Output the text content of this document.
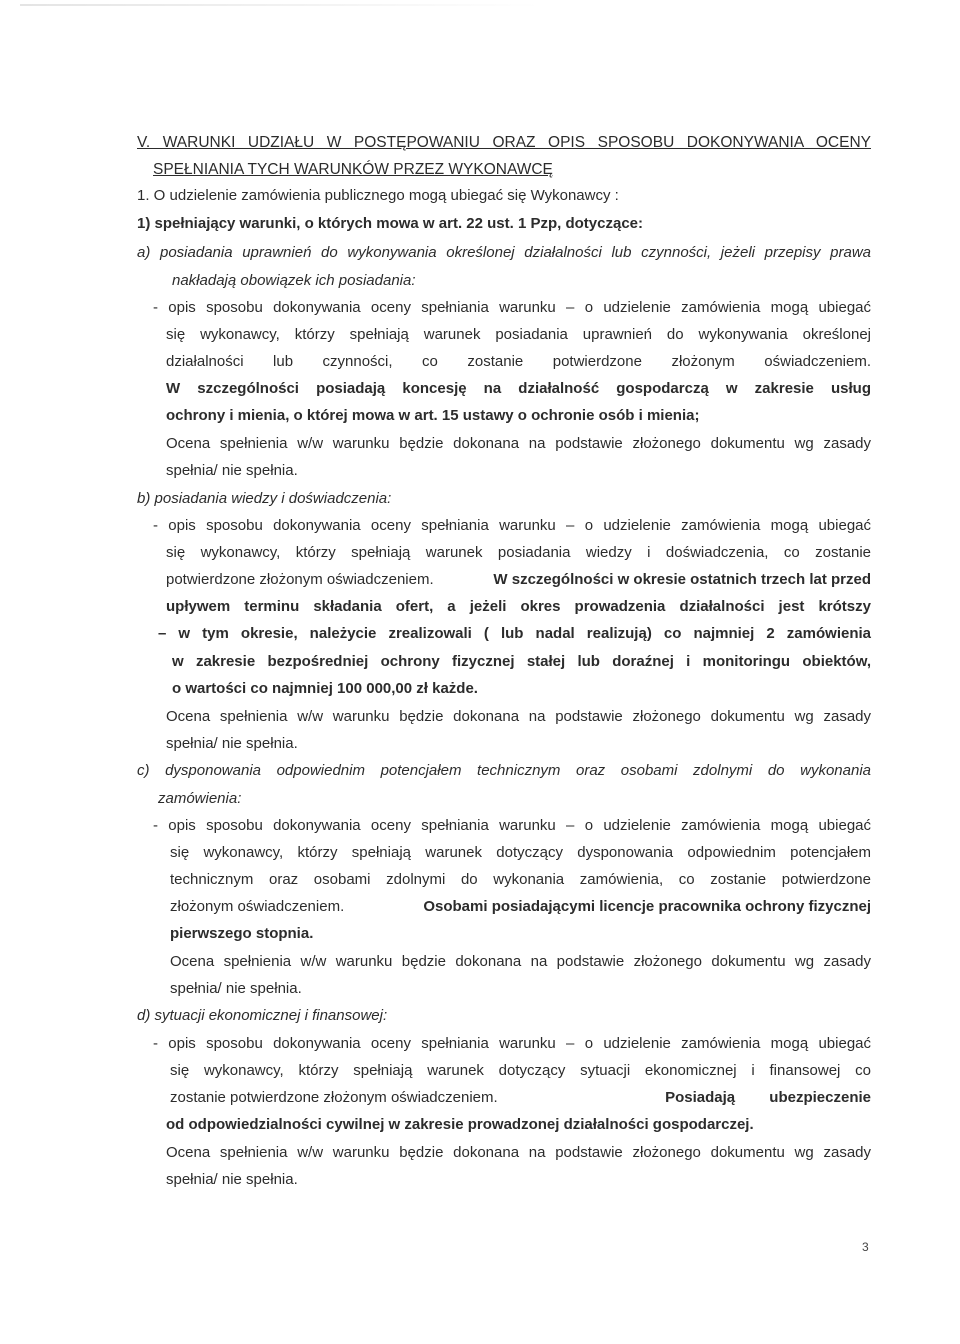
V. WARUNKI UDZIAŁU W POSTĘPOWANIU ORAZ OPIS SPOSOBU DOKONYWANIA OCENY

SPEŁNIANIA TYCH WARUNKÓW PRZEZ WYKONAWCĘ

1. O udzielenie zamówienia publicznego mogą ubiegać się Wykonawcy :

1) spełniający warunki, o których mowa w art. 22 ust. 1 Pzp, dotyczące:

a) posiadania uprawnień do wykonywania określonej działalności lub czynności, jeżeli przepisy prawa

nakładają obowiązek ich posiadania:

- opis sposobu dokonywania oceny spełniania warunku – o udzielenie zamówienia mogą ubiegać

się wykonawcy, którzy spełniają warunek posiadania uprawnień do wykonywania określonej

działalności lub czynności, co zostanie potwierdzone złożonym oświadczeniem.

W szczególności posiadają koncesję na działalność gospodarczą w zakresie usług

ochrony i mienia, o której mowa w art. 15 ustawy o ochronie osób i mienia;

Ocena spełnienia w/w warunku będzie dokonana na podstawie złożonego dokumentu wg zasady

spełnia/ nie spełnia.

b) posiadania wiedzy i doświadczenia:

- opis sposobu dokonywania oceny spełniania warunku – o udzielenie zamówienia mogą ubiegać

się wykonawcy, którzy spełniają warunek posiadania wiedzy i doświadczenia, co zostanie

potwierdzone złożonym oświadczeniem.	W szczególności w okresie ostatnich trzech lat przed

upływem terminu składania ofert, a jeżeli okres prowadzenia działalności jest krótszy

– w tym okresie, należycie zrealizowali ( lub nadal realizują) co najmniej 2 zamówienia

w zakresie bezpośredniej ochrony fizycznej stałej lub doraźnej i monitoringu obiektów,

o wartości co najmniej 100 000,00 zł każde.

Ocena spełnienia w/w warunku będzie dokonana na podstawie złożonego dokumentu wg zasady

spełnia/ nie spełnia.

c) dysponowania odpowiednim potencjałem technicznym oraz osobami zdolnymi do wykonania

zamówienia:

- opis sposobu dokonywania oceny spełniania warunku – o udzielenie zamówienia mogą ubiegać

się wykonawcy, którzy spełniają warunek dotyczący dysponowania odpowiednim potencjałem

technicznym oraz osobami zdolnymi do wykonania zamówienia, co zostanie potwierdzone

złożonym oświadczeniem.	Osobami posiadającymi licencje pracownika ochrony fizycznej

pierwszego stopnia.

Ocena spełnienia w/w warunku będzie dokonana na podstawie złożonego dokumentu wg zasady

spełnia/ nie spełnia.

d) sytuacji ekonomicznej i finansowej:

- opis sposobu dokonywania oceny spełniania warunku – o udzielenie zamówienia mogą ubiegać

się wykonawcy, którzy spełniają warunek dotyczący sytuacji ekonomicznej i finansowej co

zostanie potwierdzone złożonym oświadczeniem.	Posiadają ubezpieczenie

od odpowiedzialności cywilnej w zakresie prowadzonej działalności gospodarczej.

Ocena spełnienia w/w warunku będzie dokonana na podstawie złożonego dokumentu wg zasady

spełnia/ nie spełnia.

3
